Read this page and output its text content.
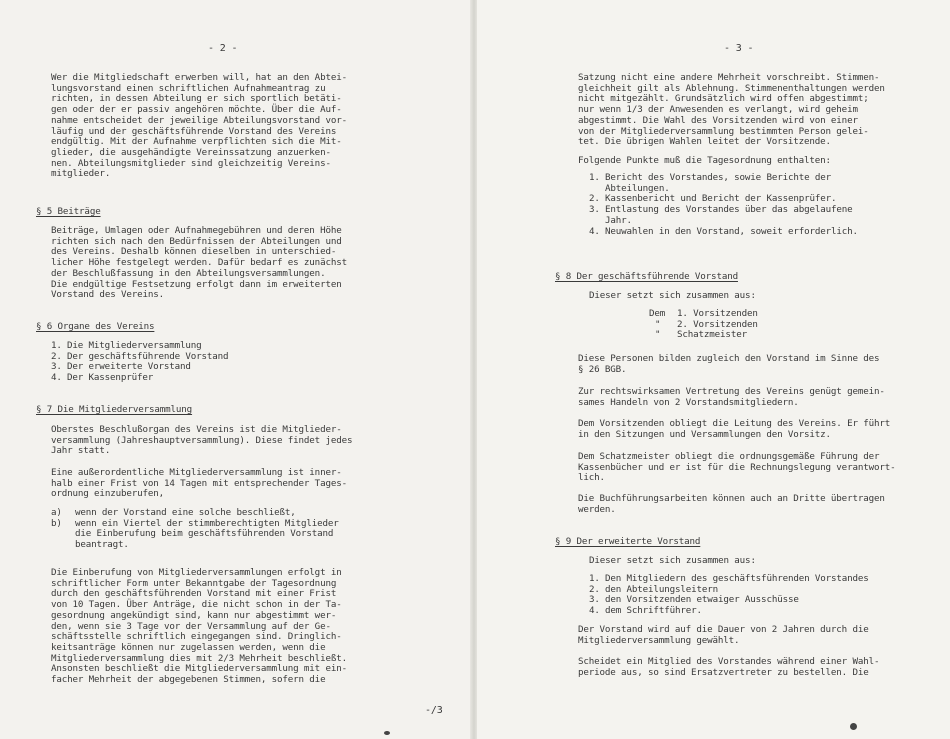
- 2 -

Wer die Mitgliedschaft erwerben will, hat an den Abtei-
lungsvorstand einen schriftlichen Aufnahmeantrag zu
richten, in dessen Abteilung er sich sportlich betäti-
gen oder der er passiv angehören möchte. Über die Auf-
nahme entscheidet der jeweilige Abteilungsvorstand vor-
läufig und der geschäftsführende Vorstand des Vereins
endgültig. Mit der Aufnahme verpflichten sich die Mit-
glieder, die ausgehändigte Vereinssatzung anzuerken-
nen. Abteilungsmitglieder sind gleichzeitig Vereins-
mitglieder.

§ 5 Beiträge

Beiträge, Umlagen oder Aufnahmegebühren und deren Höhe
richten sich nach den Bedürfnissen der Abteilungen und
des Vereins. Deshalb können dieselben in unterschied-
licher Höhe festgelegt werden. Dafür bedarf es zunächst
der Beschlußfassung in den Abteilungsversammlungen.
Die endgültige Festsetzung erfolgt dann im erweiterten
Vorstand des Vereins.

§ 6 Organe des Vereins
1. Die Mitgliederversammlung
2. Der geschäftsführende Vorstand
3. Der erweiterte Vorstand
4. Der Kassenprüfer
§ 7 Die Mitgliederversammlung

Oberstes Beschlußorgan des Vereins ist die Mitglieder-
versammlung (Jahreshauptversammlung). Diese findet jedes
Jahr statt.

Eine außerordentliche Mitgliederversammlung ist inner-
halb einer Frist von 14 Tagen mit entsprechender Tages-
ordnung einzuberufen,

a) wenn der Vorstand eine solche beschließt,
b) wenn ein Viertel der stimmberechtigten Mitglieder
die Einberufung beim geschäftsführenden Vorstand
beantragt.

Die Einberufung von Mitgliederversammlungen erfolgt in
schriftlicher Form unter Bekanntgabe der Tagesordnung
durch den geschäftsführenden Vorstand mit einer Frist
von 10 Tagen. Über Anträge, die nicht schon in der Ta-
gesordnung angekündigt sind, kann nur abgestimmt wer-
den, wenn sie 3 Tage vor der Versammlung auf der Ge-
schäftsstelle schriftlich eingegangen sind. Dringlich-
keitsanträge können nur zugelassen werden, wenn die
Mitgliederversammlung dies mit 2/3 Mehrheit beschließt.
Ansonsten beschließt die Mitgliederversammlung mit ein-
facher Mehrheit der abgegebenen Stimmen, sofern die

-/3
- 3 -

Satzung nicht eine andere Mehrheit vorschreibt. Stimmen-
gleichheit gilt als Ablehnung. Stimmenenthaltungen werden
nicht mitgezählt. Grundsätzlich wird offen abgestimmt;
nur wenn 1/3 der Anwesenden es verlangt, wird geheim
abgestimmt. Die Wahl des Vorsitzenden wird von einer
von der Mitgliederversammlung bestimmten Person gelei-
tet. Die übrigen Wahlen leitet der Vorsitzende.

Folgende Punkte muß die Tagesordnung enthalten:

1. Bericht des Vorstandes, sowie Berichte der
Abteilungen.
2. Kassenbericht und Bericht der Kassenprüfer.
3. Entlastung des Vorstandes über das abgelaufene
Jahr.
4. Neuwahlen in den Vorstand, soweit erforderlich.
§ 8 Der geschäftsführende Vorstand

Dieser setzt sich zusammen aus:

Dem 1. Vorsitzenden
" 2. Vorsitzenden
" Schatzmeister

Diese Personen bilden zugleich den Vorstand im Sinne des
§ 26 BGB.

Zur rechtswirksamen Vertretung des Vereins genügt gemein-
sames Handeln von 2 Vorstandsmitgliedern.

Dem Vorsitzenden obliegt die Leitung des Vereins. Er führt
in den Sitzungen und Versammlungen den Vorsitz.

Dem Schatzmeister obliegt die ordnungsgemäße Führung der
Kassenbücher und er ist für die Rechnungslegung verantwort-
lich.

Die Buchführungsarbeiten können auch an Dritte übertragen
werden.

§ 9 Der erweiterte Vorstand

Dieser setzt sich zusammen aus:

1. Den Mitgliedern des geschäftsführenden Vorstandes
2. den Abteilungsleitern
3. den Vorsitzenden etwaiger Ausschüsse
4. dem Schriftführer.

Der Vorstand wird auf die Dauer von 2 Jahren durch die
Mitgliederversammlung gewählt.

Scheidet ein Mitglied des Vorstandes während einer Wahl-
periode aus, so sind Ersatzvertreter zu bestellen. Die
